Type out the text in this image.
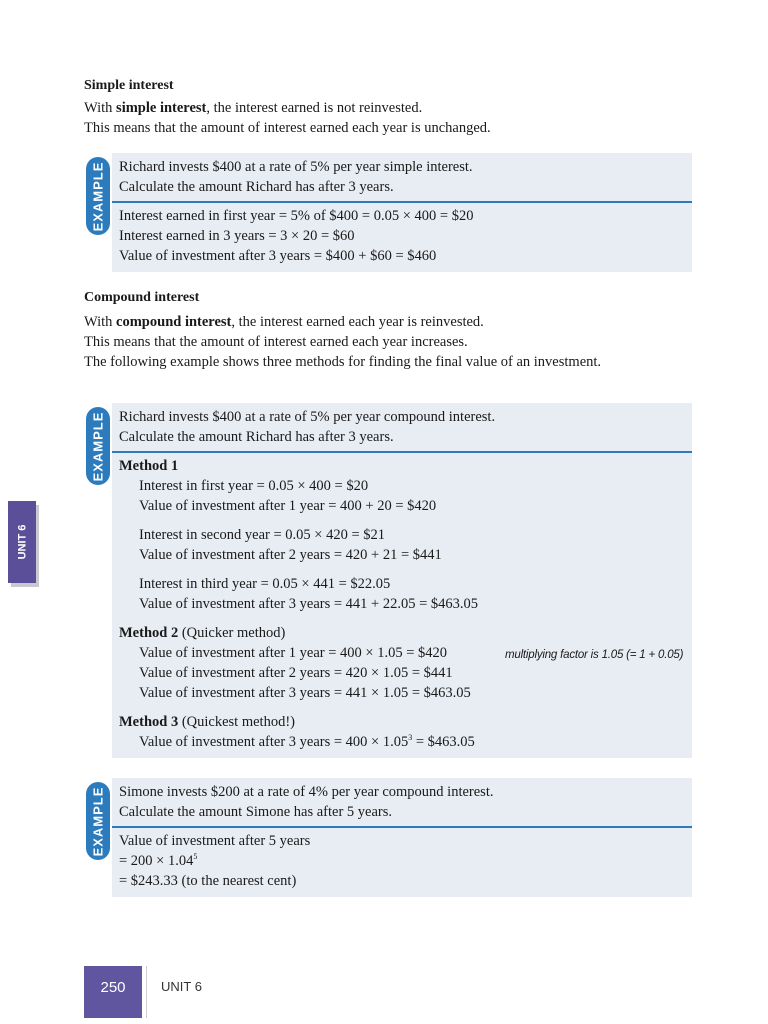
Simple interest
With simple interest, the interest earned is not reinvested.
This means that the amount of interest earned each year is unchanged.
EXAMPLE Richard invests $400 at a rate of 5% per year simple interest.
Calculate the amount Richard has after 3 years.
Interest earned in first year = 5% of $400 = 0.05 × 400 = $20
Interest earned in 3 years = 3 × 20 = $60
Value of investment after 3 years = $400 + $60 = $460
Compound interest
With compound interest, the interest earned each year is reinvested.
This means that the amount of interest earned each year increases.
The following example shows three methods for finding the final value of an investment.
EXAMPLE Richard invests $400 at a rate of 5% per year compound interest.
Calculate the amount Richard has after 3 years.
Method 1
Interest in first year = 0.05 × 400 = $20
Value of investment after 1 year = 400 + 20 = $420
Interest in second year = 0.05 × 420 = $21
Value of investment after 2 years = 420 + 21 = $441
Interest in third year = 0.05 × 441 = $22.05
Value of investment after 3 years = 441 + 22.05 = $463.05
Method 2 (Quicker method)
Value of investment after 1 year = 400 × 1.05 = $420	multiplying factor is 1.05 (= 1 + 0.05)
Value of investment after 2 years = 420 × 1.05 = $441
Value of investment after 3 years = 441 × 1.05 = $463.05
Method 3 (Quickest method!)
Value of investment after 3 years = $400 \times 1.05^3$ = $463.05
EXAMPLE Simone invests $200 at a rate of 4% per year compound interest.
Calculate the amount Simone has after 5 years.
Value of investment after 5 years
= $200 \times 1.04^5$
= $243.33 (to the nearest cent)
UNIT 6
250	UNIT 6
